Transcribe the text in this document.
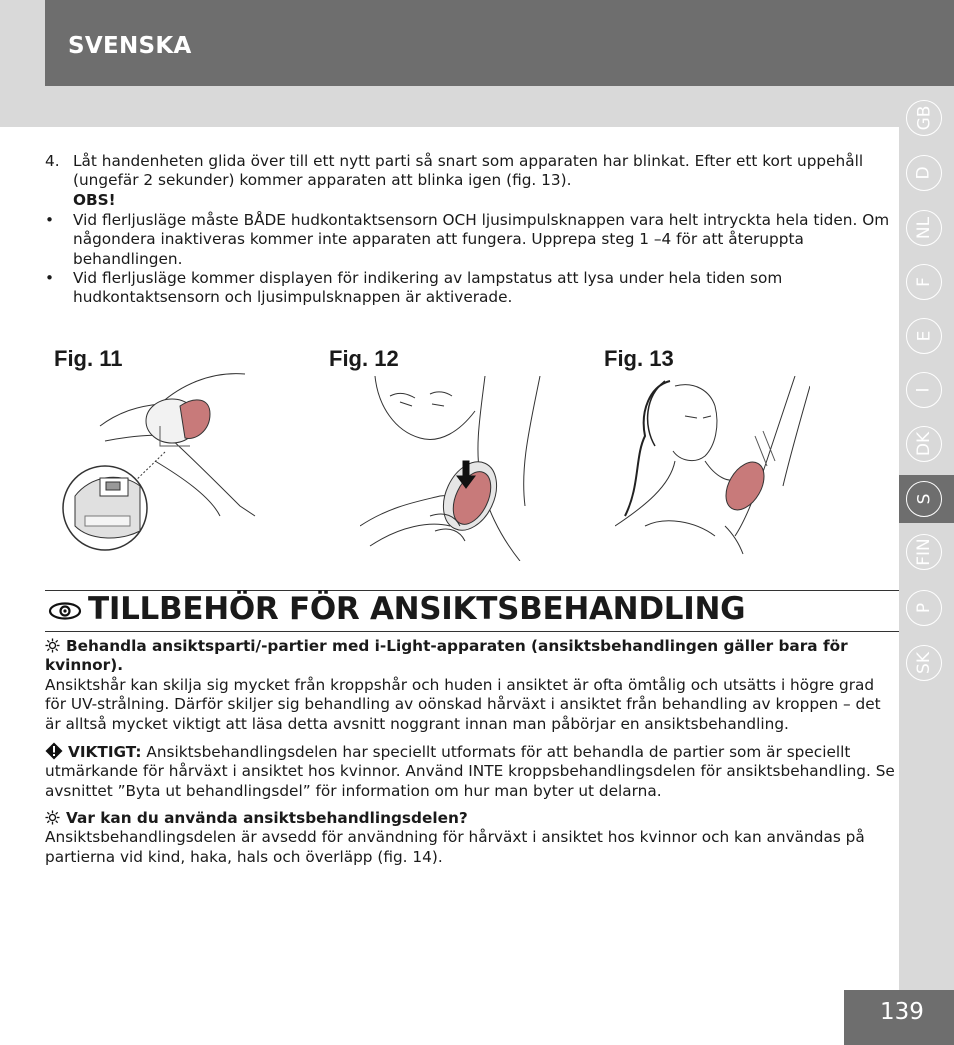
SVENSKA
GB
D
NL
F
E
I
DK
S
FIN
P
SK
4. Låt handenheten glida över till ett nytt parti så snart som apparaten har blinkat. Efter ett kort uppehåll (ungefär 2 sekunder) kommer apparaten att blinka igen (fig. 13).
OBS!
• Vid flerljusläge måste BÅDE hudkontaktsensorn OCH ljusimpulsknappen vara helt intryckta hela tiden. Om någondera inaktiveras kommer inte apparaten att fungera. Upprepa steg 1 –4 för att återuppta behandlingen.
• Vid flerljusläge kommer displayen för indikering av lampstatus att lysa under hela tiden som hudkontaktsensorn och ljusimpulsknappen är aktiverade.
Fig. 11	Fig. 12	Fig. 13
TILLBEHÖR FÖR ANSIKTSBEHANDLING
Behandla ansiktsparti/-partier med i-Light-apparaten (ansiktsbehandlingen gäller bara för kvinnor).
Ansiktshår kan skilja sig mycket från kroppshår och huden i ansiktet är ofta ömtålig och utsätts i högre grad för UV-strålning. Därför skiljer sig behandling av oönskad hårväxt i ansiktet från behandling av kroppen – det är alltså mycket viktigt att läsa detta avsnitt noggrant innan man påbörjar en ansiktsbehandling.
VIKTIGT: Ansiktsbehandlingsdelen har speciellt utformats för att behandla de partier som är speciellt utmärkande för hårväxt i ansiktet hos kvinnor. Använd INTE kroppsbehandlingsdelen för ansiktsbehandling. Se avsnittet ”Byta ut behandlingsdel” för information om hur man byter ut delarna.
Var kan du använda ansiktsbehandlingsdelen?
Ansiktsbehandlingsdelen är avsedd för användning för hårväxt i ansiktet hos kvinnor och kan användas på partierna vid kind, haka, hals och överläpp (fig. 14).
139
